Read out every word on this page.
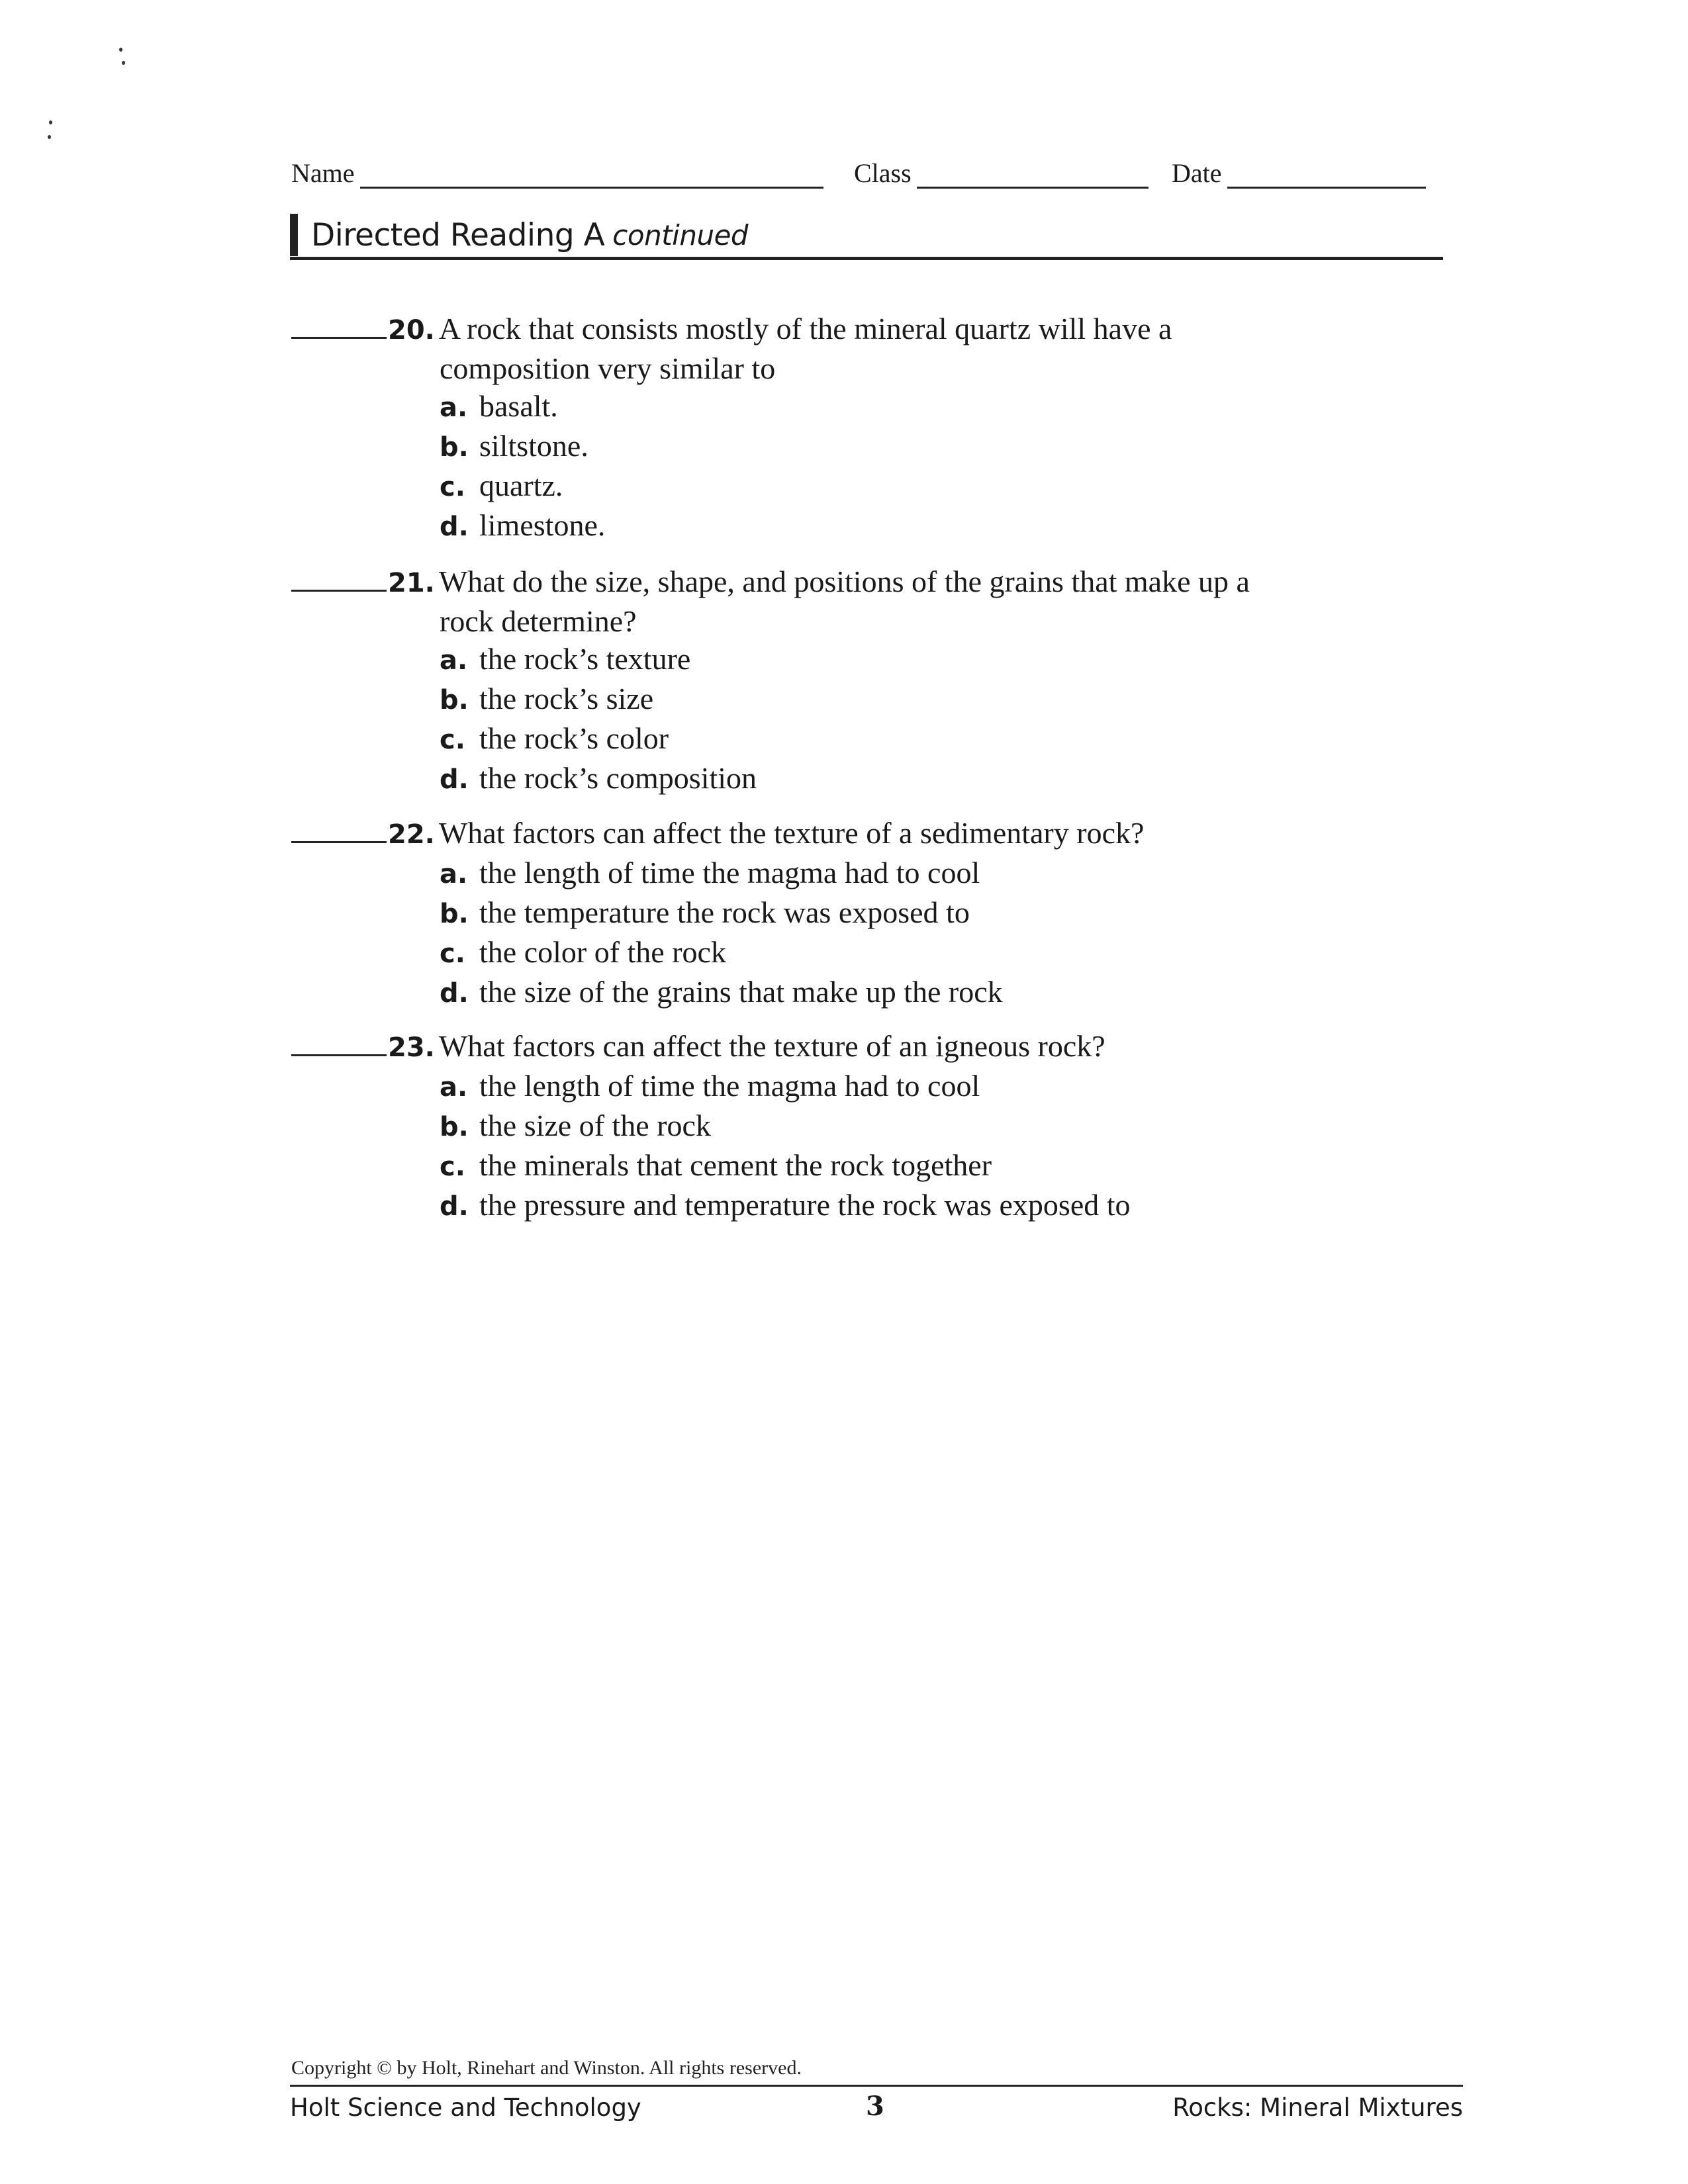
Name	Class	Date
Directed Reading A continued
20. A rock that consists mostly of the mineral quartz will have a
composition very similar to
a. basalt.
b. siltstone.
c. quartz.
d. limestone.
21. What do the size, shape, and positions of the grains that make up a
rock determine?
a. the rock’s texture
b. the rock’s size
c. the rock’s color
d. the rock’s composition
22. What factors can affect the texture of a sedimentary rock?
a. the length of time the magma had to cool
b. the temperature the rock was exposed to
c. the color of the rock
d. the size of the grains that make up the rock
23. What factors can affect the texture of an igneous rock?
a. the length of time the magma had to cool
b. the size of the rock
c. the minerals that cement the rock together
d. the pressure and temperature the rock was exposed to
Copyright © by Holt, Rinehart and Winston. All rights reserved.
Holt Science and Technology	3	Rocks: Mineral Mixtures
